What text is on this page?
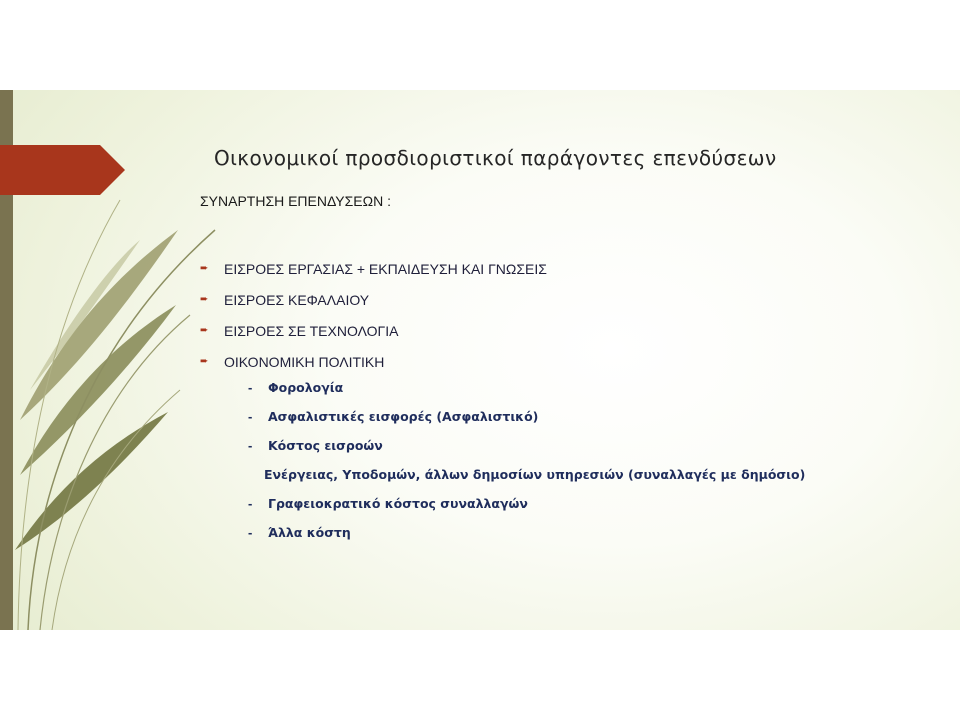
Οικονομικοί προσδιοριστικοί παράγοντες επενδύσεων
ΣΥΝΑΡΤΗΣΗ ΕΠΕΝΔΥΣΕΩΝ :
➨	ΕΙΣΡΟΕΣ ΕΡΓΑΣΙΑΣ + ΕΚΠΑΙΔΕΥΣΗ ΚΑΙ ΓΝΩΣΕΙΣ
➨	ΕΙΣΡΟΕΣ ΚΕΦΑΛΑΙΟΥ
➨	ΕΙΣΡΟΕΣ ΣΕ ΤΕΧΝΟΛΟΓΙΑ
➨	ΟΙΚΟΝΟΜΙΚΗ ΠΟΛΙΤΙΚΗ
-	Φορολογία
-	Ασφαλιστικές εισφορές (Ασφαλιστικό)
-	Κόστος εισροών
Ενέργειας, Υποδομών, άλλων δημοσίων υπηρεσιών (συναλλαγές με δημόσιο)
-	Γραφειοκρατικό κόστος συναλλαγών
-	Άλλα κόστη
